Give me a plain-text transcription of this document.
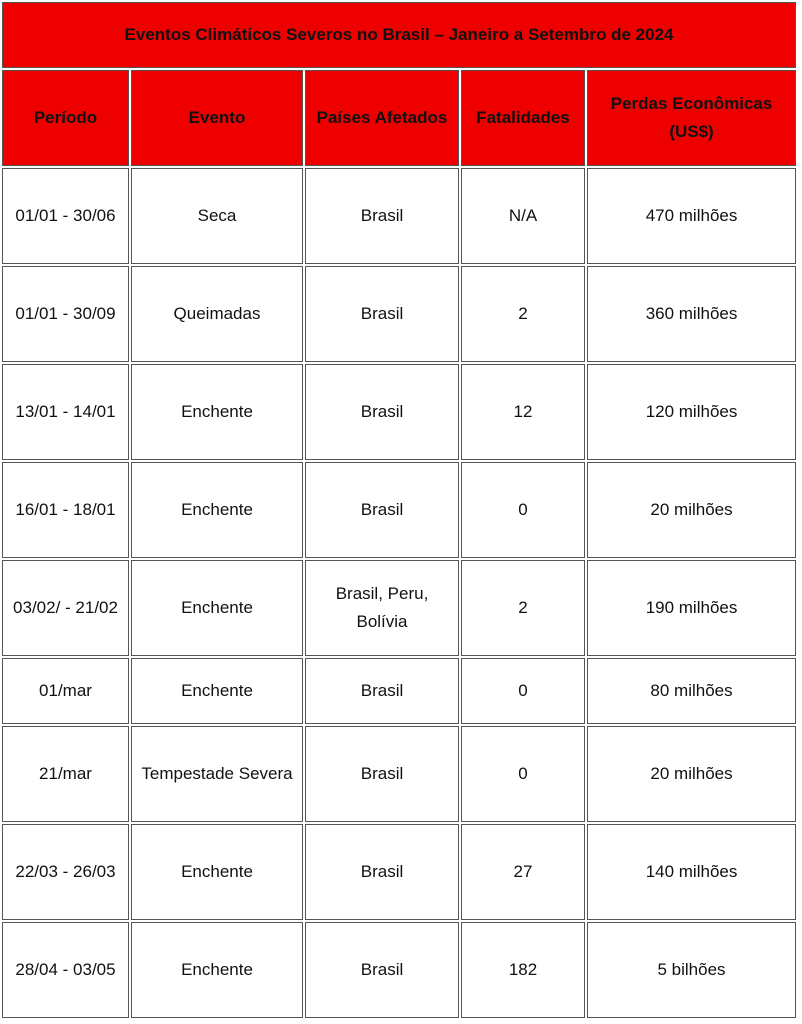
Eventos Climáticos Severos no Brasil – Janeiro a Setembro de 2024				
Período	Evento	Países Afetados	Fatalidades	Perdas Econômicas (US$)
01/01 - 30/06	Seca	Brasil	N/A	470 milhões
01/01 - 30/09	Queimadas	Brasil	2	360 milhões
13/01 - 14/01	Enchente	Brasil	12	120 milhões
16/01 - 18/01	Enchente	Brasil	0	20 milhões
03/02/ - 21/02	Enchente	Brasil, Peru, Bolívia	2	190 milhões
01/mar	Enchente	Brasil	0	80 milhões
21/mar	Tempestade Severa	Brasil	0	20 milhões
22/03 - 26/03	Enchente	Brasil	27	140 milhões
28/04 - 03/05	Enchente	Brasil	182	5 bilhões
